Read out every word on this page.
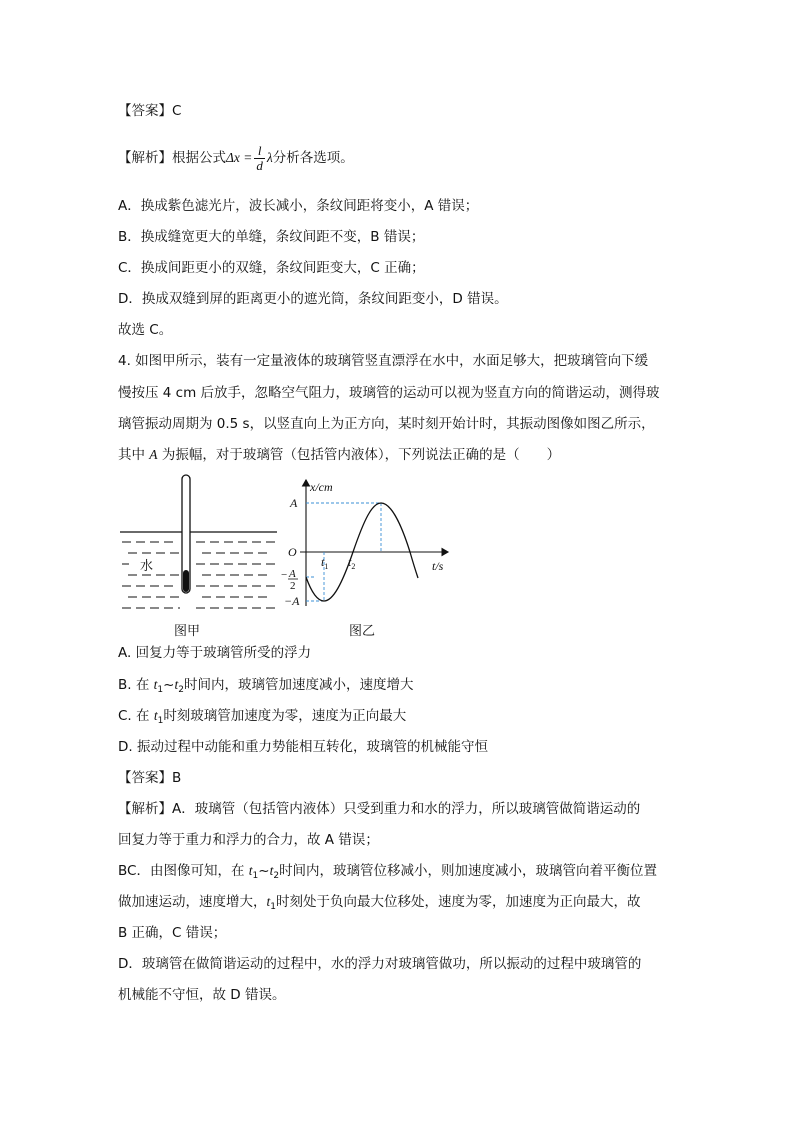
【答案】C
【解析】根据公式$\Delta x = \frac{l}{d}$ λ分析各选项。
A．换成紫色滤光片，波长减小，条纹间距将变小，A 错误；
B．换成缝宽更大的单缝，条纹间距不变，B 错误；
C．换成间距更小的双缝，条纹间距变大，C 正确；
D．换成双缝到屏的距离更小的遮光筒，条纹间距变小，D 错误。
故选 C。
4. 如图甲所示，装有一定量液体的玻璃管竖直漂浮在水中，水面足够大，把玻璃管向下缓
慢按压 4 cm 后放手，忽略空气阻力，玻璃管的运动可以视为竖直方向的简谐运动，测得玻
璃管振动周期为 0.5 s，以竖直向上为正方向，某时刻开始计时，其振动图像如图乙所示，
其中 A 为振幅，对于玻璃管（包括管内液体），下列说法正确的是（　　）
水
图甲
x/cm
t/s
O
A
− A
2
−A
$t_1$ $t_2$
图乙
A. 回复力等于玻璃管所受的浮力
B. 在 $t_1\sim t_2$时间内，玻璃管加速度减小，速度增大
C. 在 $t_1$时刻玻璃管加速度为零，速度为正向最大
D. 振动过程中动能和重力势能相互转化，玻璃管的机械能守恒
【答案】B
【解析】A．玻璃管（包括管内液体）只受到重力和水的浮力，所以玻璃管做简谐运动的
回复力等于重力和浮力的合力，故 A 错误；
BC．由图像可知，在 $t_1\sim t_2$时间内，玻璃管位移减小，则加速度减小，玻璃管向着平衡位置
做加速运动，速度增大，$t_1$时刻处于负向最大位移处，速度为零，加速度为正向最大，故
B 正确，C 错误；
D．玻璃管在做简谐运动的过程中，水的浮力对玻璃管做功，所以振动的过程中玻璃管的
机械能不守恒，故 D 错误。
